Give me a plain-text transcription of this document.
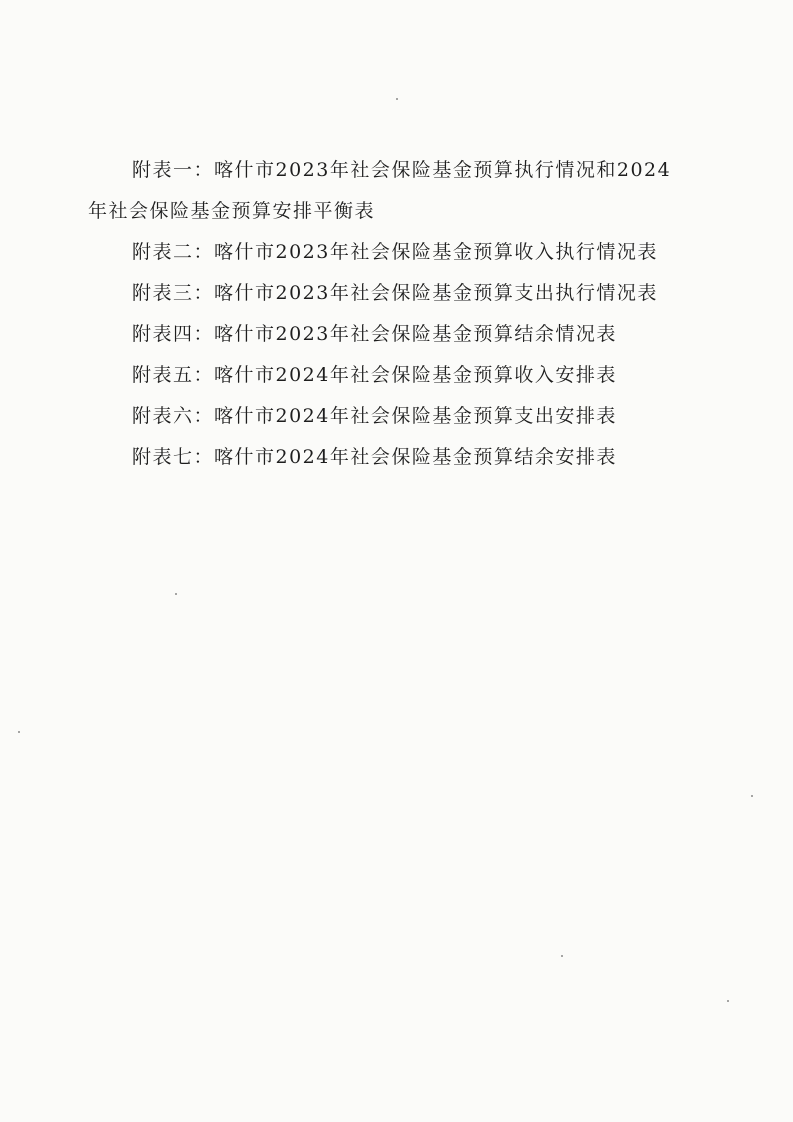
附表一：喀什市2023年社会保险基金预算执行情况和2024
年社会保险基金预算安排平衡表
附表二：喀什市2023年社会保险基金预算收入执行情况表
附表三：喀什市2023年社会保险基金预算支出执行情况表
附表四：喀什市2023年社会保险基金预算结余情况表
附表五：喀什市2024年社会保险基金预算收入安排表
附表六：喀什市2024年社会保险基金预算支出安排表
附表七：喀什市2024年社会保险基金预算结余安排表
